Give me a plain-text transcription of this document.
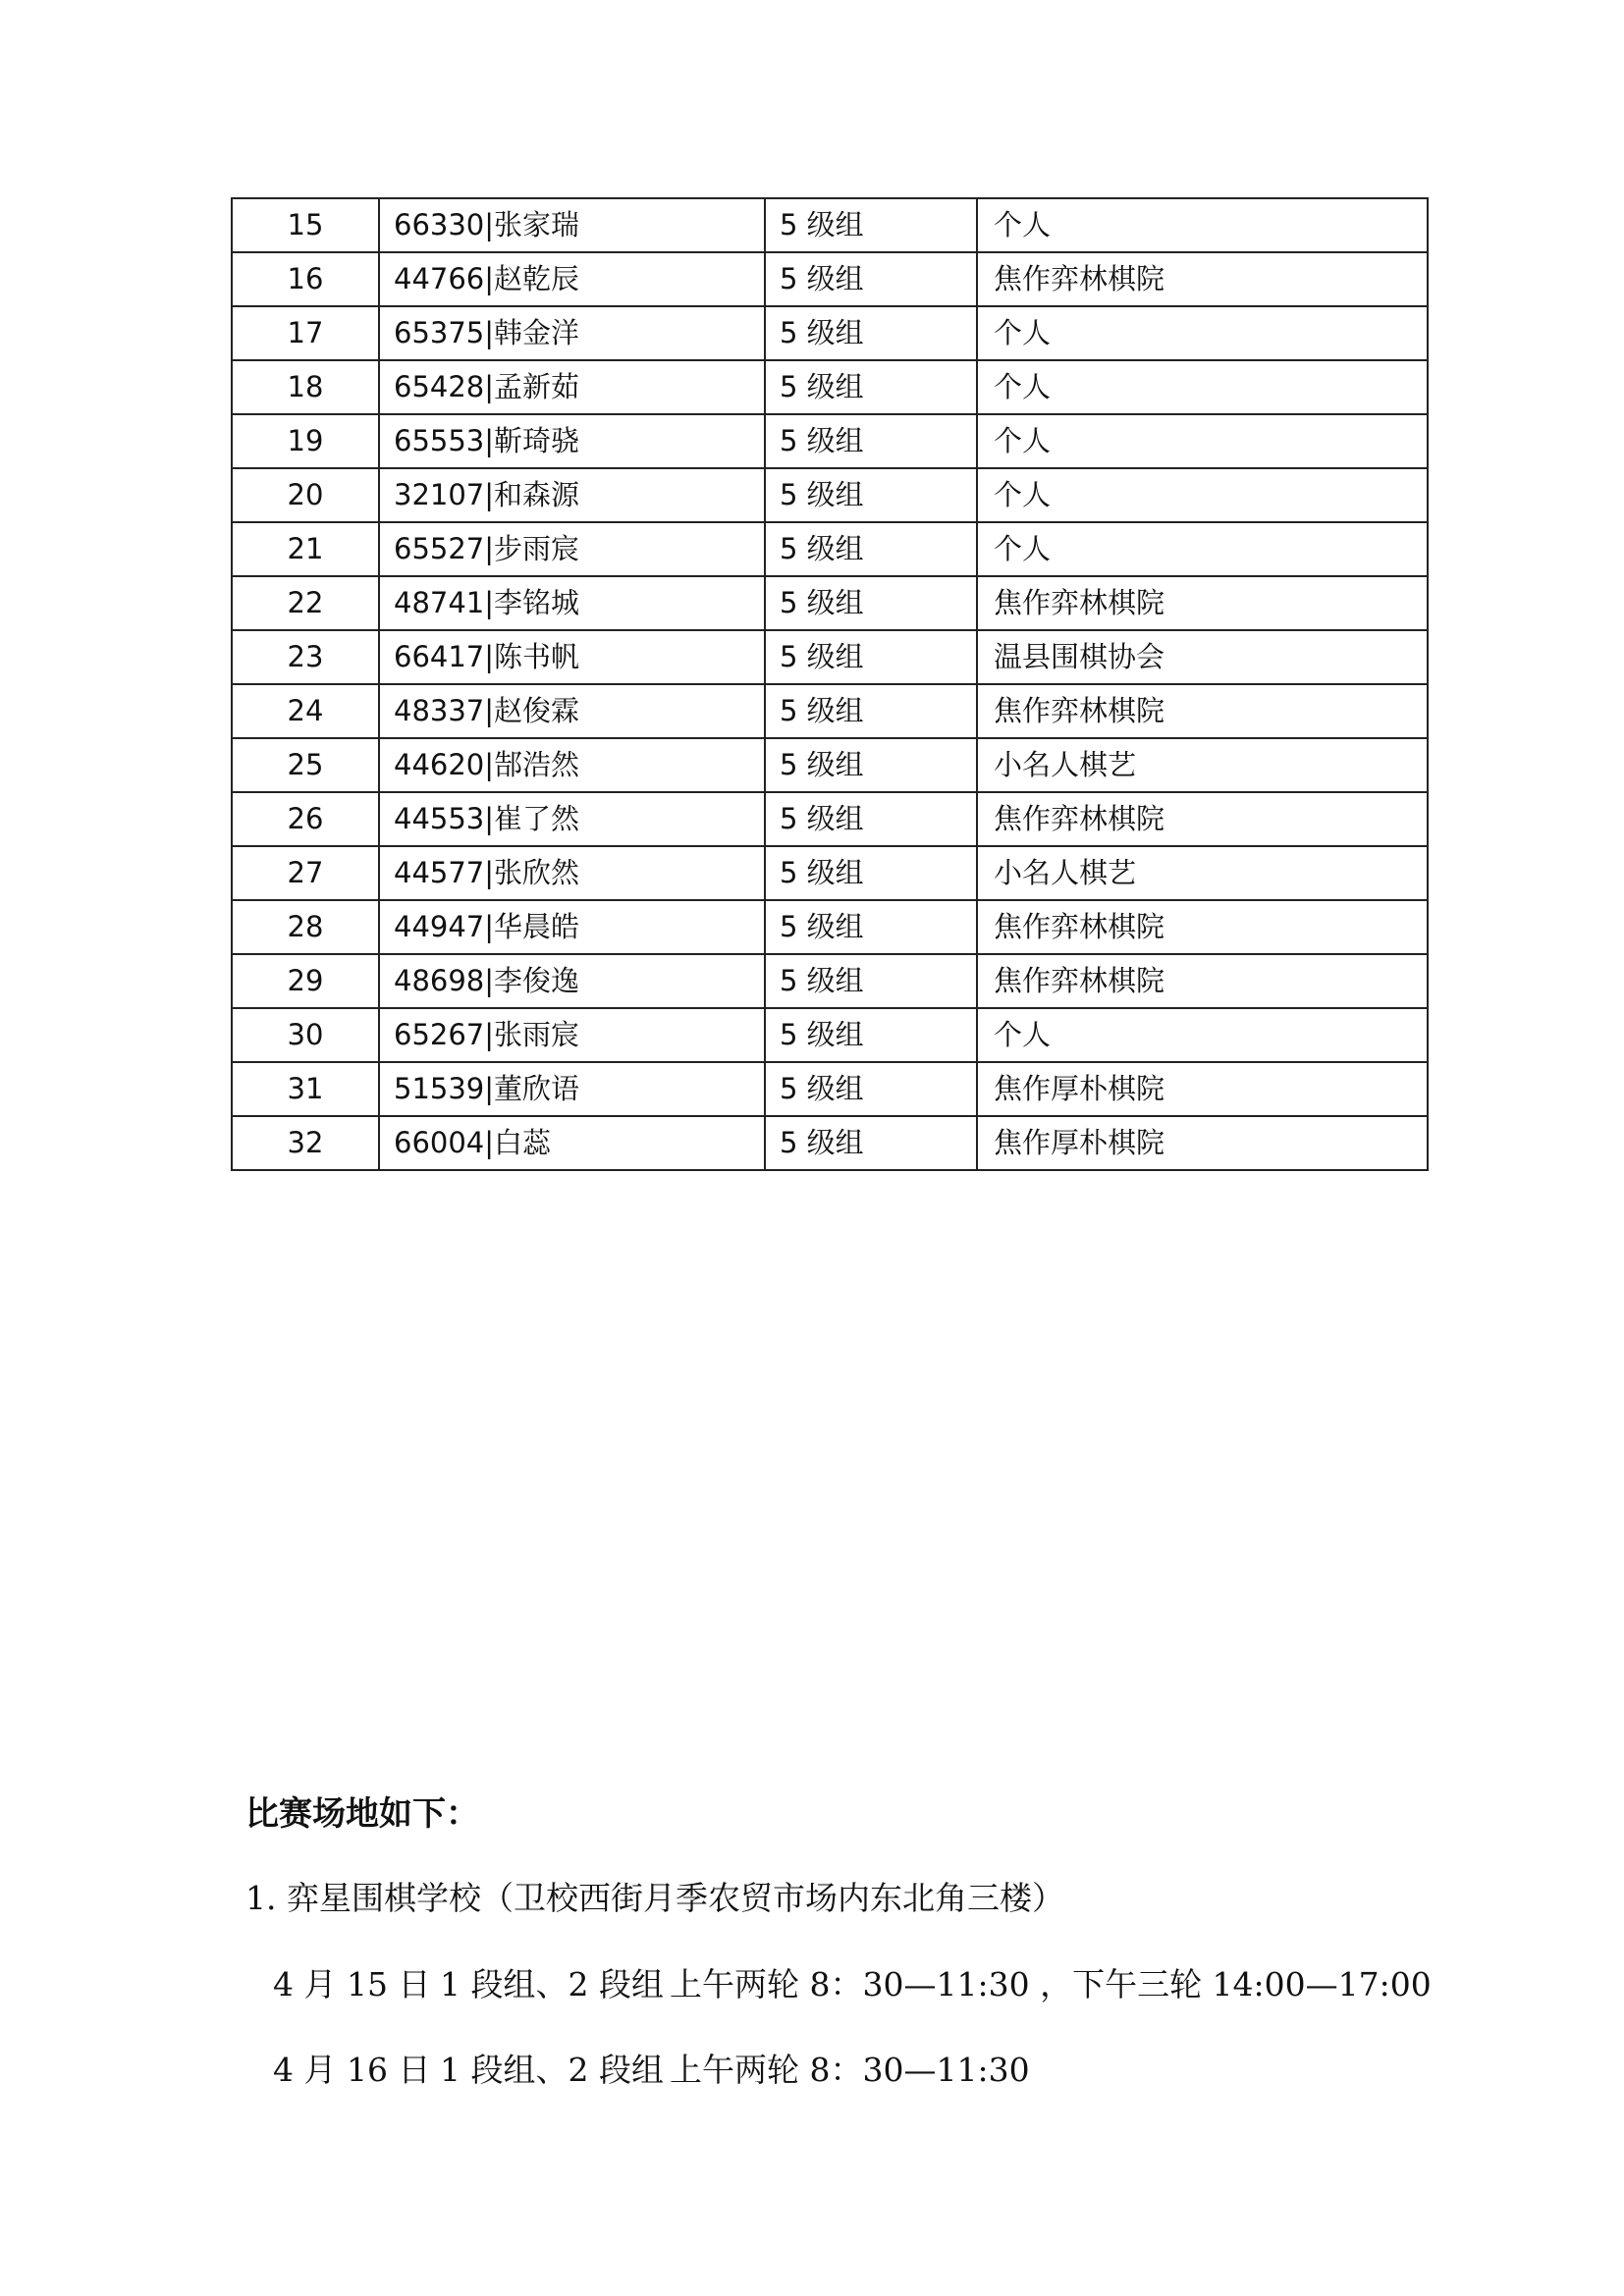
15	66330|张家瑞	5 级组	个人
16	44766|赵乾辰	5 级组	焦作弈林棋院
17	65375|韩金洋	5 级组	个人
18	65428|孟新茹	5 级组	个人
19	65553|靳琦骁	5 级组	个人
20	32107|和森源	5 级组	个人
21	65527|步雨宸	5 级组	个人
22	48741|李铭城	5 级组	焦作弈林棋院
23	66417|陈书帆	5 级组	温县围棋协会
24	48337|赵俊霖	5 级组	焦作弈林棋院
25	44620|郜浩然	5 级组	小名人棋艺
26	44553|崔了然	5 级组	焦作弈林棋院
27	44577|张欣然	5 级组	小名人棋艺
28	44947|华晨皓	5 级组	焦作弈林棋院
29	48698|李俊逸	5 级组	焦作弈林棋院
30	65267|张雨宸	5 级组	个人
31	51539|董欣语	5 级组	焦作厚朴棋院
32	66004|白蕊	5 级组	焦作厚朴棋院
比赛场地如下：
1. 弈星围棋学校（卫校西街月季农贸市场内东北角三楼）
4 月 15 日 1 段组、2 段组 上午两轮 8：30—11:30 ，下午三轮 14:00—17:00
4 月 16 日 1 段组、2 段组 上午两轮 8：30—11:30
